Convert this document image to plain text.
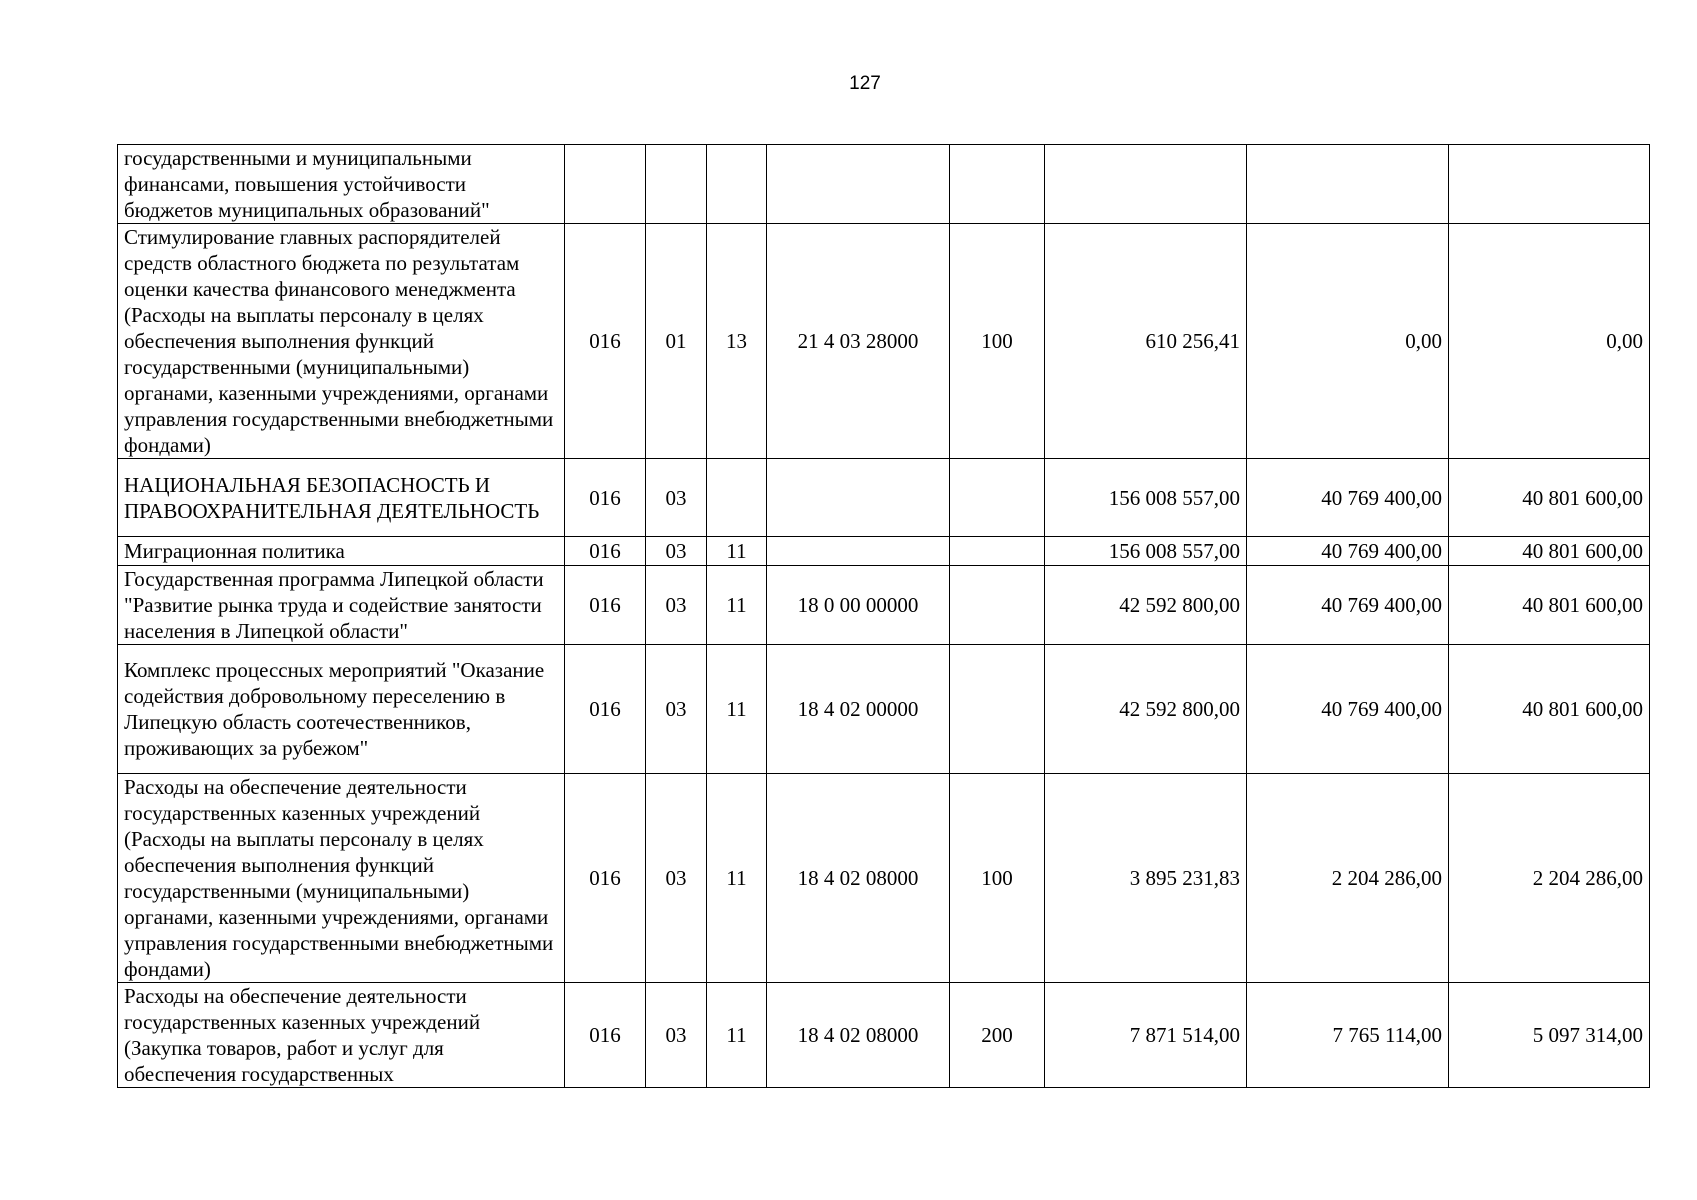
127
государственными и муниципальными финансами, повышения устойчивости бюджетов муниципальных образований"								
Стимулирование главных распорядителей средств областного бюджета по результатам оценки качества финансового менеджмента (Расходы на выплаты персоналу в целях обеспечения выполнения функций государственными (муниципальными) органами, казенными учреждениями, органами управления государственными внебюджетными фондами)	016	01	13	21 4 03 28000	100	610 256,41	0,00	0,00
НАЦИОНАЛЬНАЯ БЕЗОПАСНОСТЬ И ПРАВООХРАНИТЕЛЬНАЯ ДЕЯТЕЛЬНОСТЬ	016	03				156 008 557,00	40 769 400,00	40 801 600,00
Миграционная политика	016	03	11			156 008 557,00	40 769 400,00	40 801 600,00
Государственная программа Липецкой области "Развитие рынка труда и содействие занятости населения в Липецкой области"	016	03	11	18 0 00 00000		42 592 800,00	40 769 400,00	40 801 600,00
Комплекс процессных мероприятий "Оказание содействия добровольному переселению в Липецкую область соотечественников, проживающих за рубежом"	016	03	11	18 4 02 00000		42 592 800,00	40 769 400,00	40 801 600,00
Расходы на обеспечение деятельности государственных казенных учреждений (Расходы на выплаты персоналу в целях обеспечения выполнения функций государственными (муниципальными) органами, казенными учреждениями, органами управления государственными внебюджетными фондами)	016	03	11	18 4 02 08000	100	3 895 231,83	2 204 286,00	2 204 286,00
Расходы на обеспечение деятельности государственных казенных учреждений (Закупка товаров, работ и услуг для обеспечения государственных	016	03	11	18 4 02 08000	200	7 871 514,00	7 765 114,00	5 097 314,00
